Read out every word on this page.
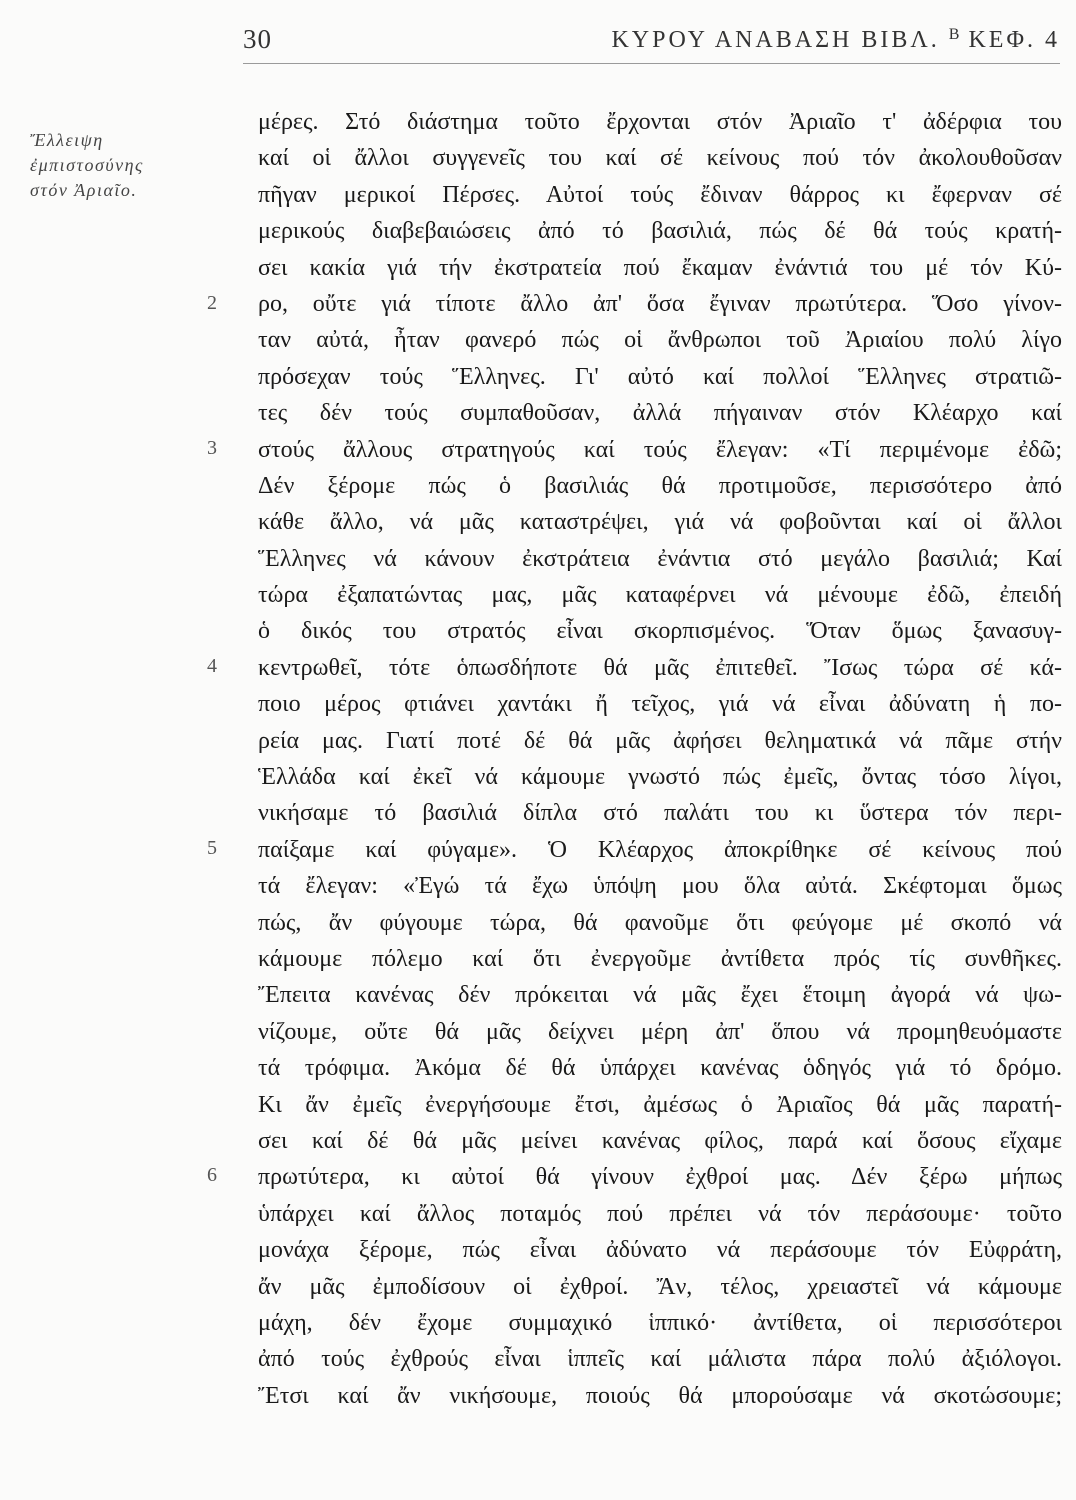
30	ΚΥΡΟΥ ΑΝΑΒΑΣΗ ΒΙΒΛ. $^B$ ΚΕΦ. 4
Ἔλλειψη
ἐμπιστοσύνης
στόν Ἀριαῖο.
2
3
4
5
6
μέρες. Στό διάστημα τοῦτο ἔρχονται στόν Ἀριαῖο τ' ἀδέρφια του
καί οἱ ἄλλοι συγγενεῖς του καί σέ κείνους πού τόν ἀκολουθοῦσαν
πῆγαν μερικοί Πέρσες. Αὐτοί τούς ἔδιναν θάρρος κι ἔφερναν σέ
μερικούς διαβεβαιώσεις ἀπό τό βασιλιά, πώς δέ θά τούς κρατή-
σει κακία γιά τήν ἐκστρατεία πού ἔκαμαν ἐνάντιά του μέ τόν Κύ-
ρο, οὔτε γιά τίποτε ἄλλο ἀπ' ὅσα ἔγιναν πρωτύτερα. Ὅσο γίνον-
ταν αὐτά, ἦταν φανερό πώς οἱ ἄνθρωποι τοῦ Ἀριαίου πολύ λίγο
πρόσεχαν τούς Ἕλληνες. Γι' αὐτό καί πολλοί Ἕλληνες στρατιῶ-
τες δέν τούς συμπαθοῦσαν, ἀλλά πήγαιναν στόν Κλέαρχο καί
στούς ἄλλους στρατηγούς καί τούς ἔλεγαν: «Τί περιμένομε ἐδῶ;
Δέν ξέρομε πώς ὁ βασιλιάς θά προτιμοῦσε, περισσότερο ἀπό
κάθε ἄλλο, νά μᾶς καταστρέψει, γιά νά φοβοῦνται καί οἱ ἄλλοι
Ἕλληνες νά κάνουν ἐκστράτεια ἐνάντια στό μεγάλο βασιλιά; Καί
τώρα ἐξαπατώντας μας, μᾶς καταφέρνει νά μένουμε ἐδῶ, ἐπειδή
ὁ δικός του στρατός εἶναι σκορπισμένος. Ὅταν ὅμως ξανασυγ-
κεντρωθεῖ, τότε ὁπωσδήποτε θά μᾶς ἐπιτεθεῖ. Ἴσως τώρα σέ κά-
ποιο μέρος φτιάνει χαντάκι ἤ τεῖχος, γιά νά εἶναι ἀδύνατη ἡ πο-
ρεία μας. Γιατί ποτέ δέ θά μᾶς ἀφήσει θεληματικά νά πᾶμε στήν
Ἑλλάδα καί ἐκεῖ νά κάμουμε γνωστό πώς ἐμεῖς, ὄντας τόσο λίγοι,
νικήσαμε τό βασιλιά δίπλα στό παλάτι του κι ὕστερα τόν περι-
παίξαμε καί φύγαμε». Ὁ Κλέαρχος ἀποκρίθηκε σέ κείνους πού
τά ἔλεγαν: «Ἐγώ τά ἔχω ὑπόψη μου ὅλα αὐτά. Σκέφτομαι ὅμως
πώς, ἄν φύγουμε τώρα, θά φανοῦμε ὅτι φεύγομε μέ σκοπό νά
κάμουμε πόλεμο καί ὅτι ἐνεργοῦμε ἀντίθετα πρός τίς συνθῆκες.
Ἔπειτα κανένας δέν πρόκειται νά μᾶς ἔχει ἕτοιμη ἀγορά νά ψω-
νίζουμε, οὔτε θά μᾶς δείχνει μέρη ἀπ' ὅπου νά προμηθευόμαστε
τά τρόφιμα. Ἀκόμα δέ θά ὑπάρχει κανένας ὁδηγός γιά τό δρόμο.
Κι ἄν ἐμεῖς ἐνεργήσουμε ἔτσι, ἀμέσως ὁ Ἀριαῖος θά μᾶς παρατή-
σει καί δέ θά μᾶς μείνει κανένας φίλος, παρά καί ὅσους εἴχαμε
πρωτύτερα, κι αὐτοί θά γίνουν ἐχθροί μας. Δέν ξέρω μήπως
ὑπάρχει καί ἄλλος ποταμός πού πρέπει νά τόν περάσουμε· τοῦτο
μονάχα ξέρομε, πώς εἶναι ἀδύνατο νά περάσουμε τόν Εὐφράτη,
ἄν μᾶς ἐμποδίσουν οἱ ἐχθροί. Ἄν, τέλος, χρειαστεῖ νά κάμουμε
μάχη, δέν ἔχομε συμμαχικό ἱππικό· ἀντίθετα, οἱ περισσότεροι
ἀπό τούς ἐχθρούς εἶναι ἱππεῖς καί μάλιστα πάρα πολύ ἀξιόλογοι.
Ἔτσι καί ἄν νικήσουμε, ποιούς θά μπορούσαμε νά σκοτώσουμε;
